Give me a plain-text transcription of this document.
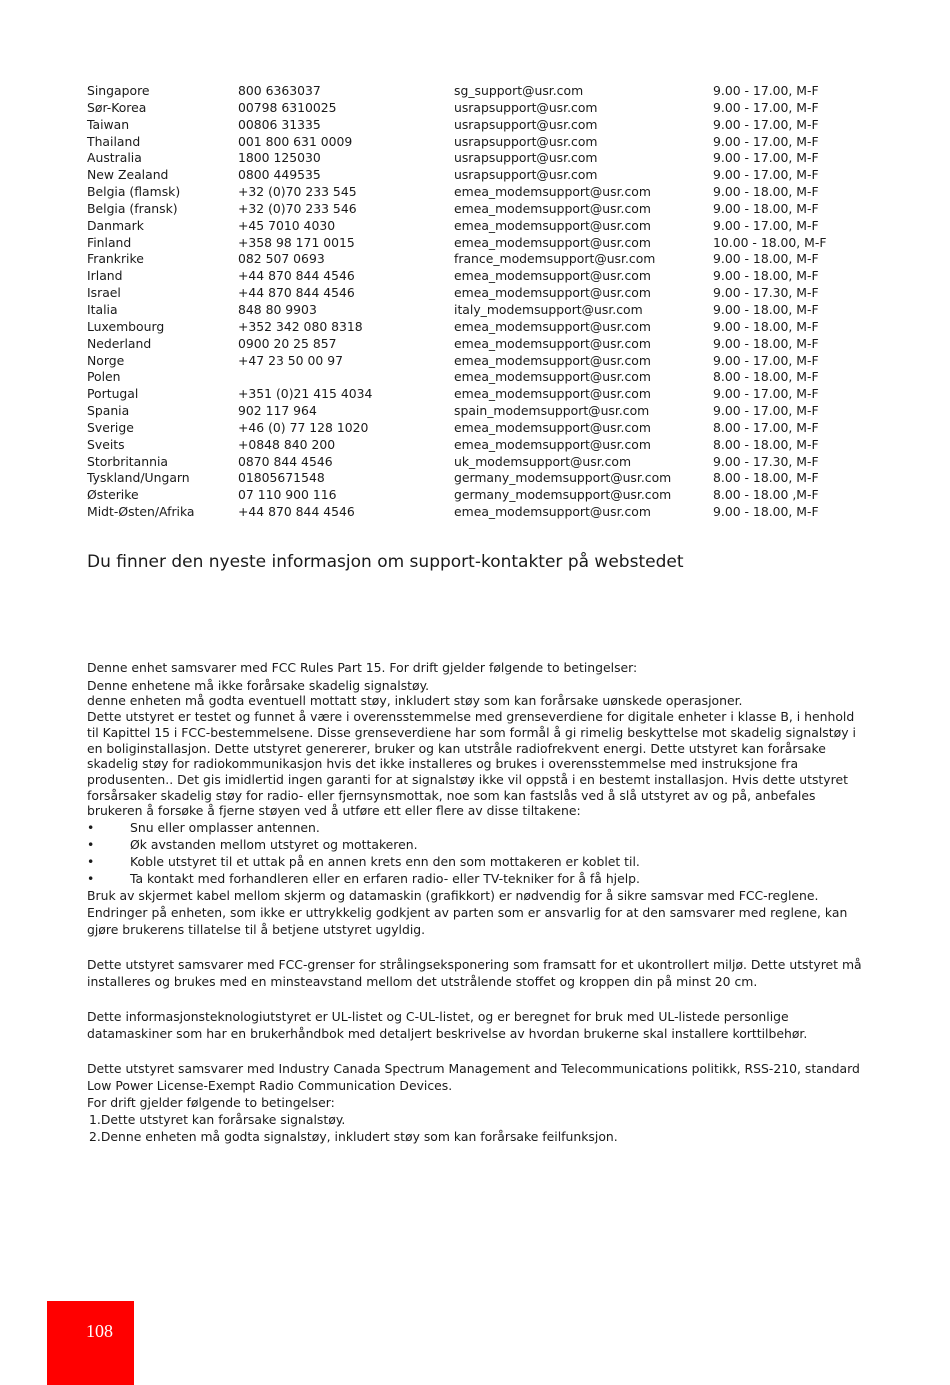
Singapore	800 6363037	sg_support@usr.com	9.00 - 17.00, M-F
Sør-Korea	00798 6310025	usrapsupport@usr.com	9.00 - 17.00, M-F
Taiwan	00806 31335	usrapsupport@usr.com	9.00 - 17.00, M-F
Thailand	001 800 631 0009	usrapsupport@usr.com	9.00 - 17.00, M-F
Australia	1800 125030	usrapsupport@usr.com	9.00 - 17.00, M-F
New Zealand	0800 449535	usrapsupport@usr.com	9.00 - 17.00, M-F
Belgia (flamsk)	+32 (0)70 233 545	emea_modemsupport@usr.com	9.00 - 18.00, M-F
Belgia (fransk)	+32 (0)70 233 546	emea_modemsupport@usr.com	9.00 - 18.00, M-F
Danmark	+45 7010 4030	emea_modemsupport@usr.com	9.00 - 17.00, M-F
Finland	+358 98 171 0015	emea_modemsupport@usr.com	10.00 - 18.00, M-F
Frankrike	082 507 0693	france_modemsupport@usr.com	9.00 - 18.00, M-F
Irland	+44 870 844 4546	emea_modemsupport@usr.com	9.00 - 18.00, M-F
Israel	+44 870 844 4546	emea_modemsupport@usr.com	9.00 - 17.30, M-F
Italia	848 80 9903	italy_modemsupport@usr.com	9.00 - 18.00, M-F
Luxembourg	+352 342 080 8318	emea_modemsupport@usr.com	9.00 - 18.00, M-F
Nederland	0900 20 25 857	emea_modemsupport@usr.com	9.00 - 18.00, M-F
Norge	+47 23 50 00 97	emea_modemsupport@usr.com	9.00 - 17.00, M-F
Polen		emea_modemsupport@usr.com	8.00 - 18.00, M-F
Portugal	+351 (0)21 415 4034	emea_modemsupport@usr.com	9.00 - 17.00, M-F
Spania	902 117 964	spain_modemsupport@usr.com	9.00 - 17.00, M-F
Sverige	+46 (0) 77 128 1020	emea_modemsupport@usr.com	8.00 - 17.00, M-F
Sveits	+0848 840 200	emea_modemsupport@usr.com	8.00 - 18.00, M-F
Storbritannia	0870 844 4546	uk_modemsupport@usr.com	9.00 - 17.30, M-F
Tyskland/Ungarn	01805671548	germany_modemsupport@usr.com	8.00 - 18.00, M-F
Østerike	07 110 900 116	germany_modemsupport@usr.com	8.00 - 18.00 ,M-F
Midt-Østen/Afrika	+44 870 844 4546	emea_modemsupport@usr.com	9.00 - 18.00, M-F
Du finner den nyeste informasjon om support-kontakter på webstedet

Denne enhet samsvarer med FCC Rules Part 15. For drift gjelder følgende to betingelser:

Denne enhetene må ikke forårsake skadelig signalstøy.

denne enheten må godta eventuell mottatt støy, inkludert støy som kan forårsake uønskede operasjoner.

Dette utstyret er testet og funnet å være i overensstemmelse med grenseverdiene for digitale enheter i klasse B, i henhold til Kapittel 15 i FCC-bestemmelsene. Disse grenseverdiene har som formål å gi rimelig beskyttelse mot skadelig signalstøy i en boliginstallasjon. Dette utstyret genererer, bruker og kan utstråle radiofrekvent energi. Dette utstyret kan forårsake skadelig støy for radiokommunikasjon hvis det ikke installeres og brukes i overensstemmelse med instruksjone fra produsenten.. Det gis imidlertid ingen garanti for at signalstøy ikke vil oppstå i en bestemt installasjon. Hvis dette utstyret forsårsaker skadelig støy for radio- eller fjernsynsmottak, noe som kan fastslås ved å slå utstyret av og på, anbefales brukeren å forsøke å fjerne støyen ved å utføre ett eller flere av disse tiltakene:

•	Snu eller omplasser antennen.
•	Øk avstanden mellom utstyret og mottakeren.
•	Koble utstyret til et uttak på en annen krets enn den som mottakeren er koblet til.
•	Ta kontakt med forhandleren eller en erfaren radio- eller TV-tekniker for å få hjelp.

Bruk av skjermet kabel mellom skjerm og datamaskin (grafikkort) er nødvendig for å sikre samsvar med FCC-reglene. Endringer på enheten, som ikke er uttrykkelig godkjent av parten som er ansvarlig for at den samsvarer med reglene, kan gjøre brukerens tillatelse til å betjene utstyret ugyldig.

Dette utstyret samsvarer med FCC-grenser for strålingseksponering som framsatt for et ukontrollert miljø. Dette utstyret må installeres og brukes med en minsteavstand mellom det utstrålende stoffet og kroppen din på minst 20 cm.

Dette informasjonsteknologiutstyret er UL-listet og C-UL-listet, og er beregnet for bruk med UL-listede personlige datamaskiner som har en brukerhåndbok med detaljert beskrivelse av hvordan brukerne skal installere korttilbehør.

Dette utstyret samsvarer med Industry Canada Spectrum Management and Telecommunications politikk, RSS-210, standard Low Power License-Exempt Radio Communication Devices.

For drift gjelder følgende to betingelser:

1.Dette utstyret kan forårsake signalstøy.

2.Denne enheten må godta signalstøy, inkludert støy som kan forårsake feilfunksjon.

108
